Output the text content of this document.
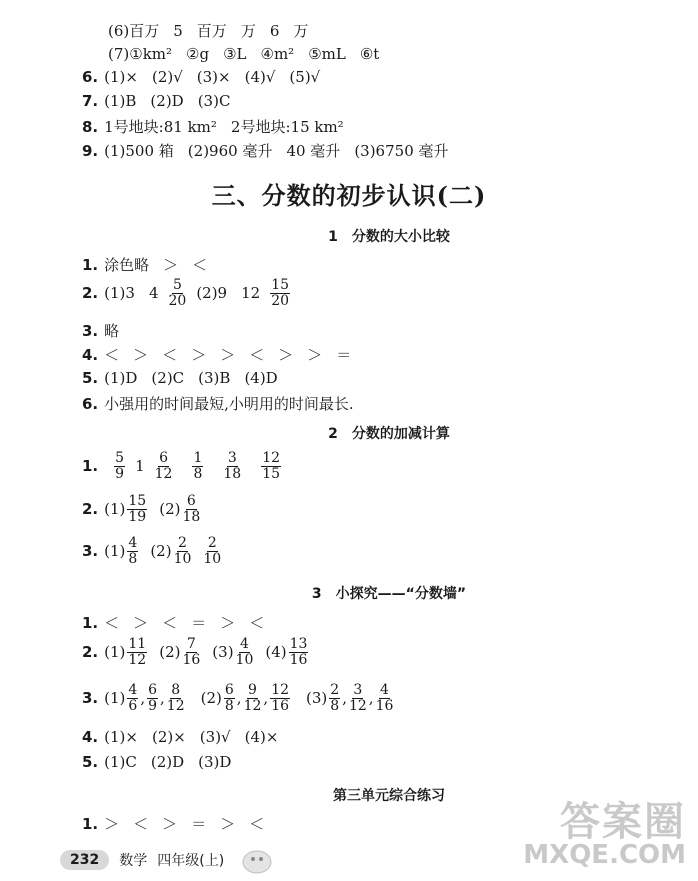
(6)百万 5 百万 万 6 万
(7)①km² ②g ③L ④m² ⑤mL ⑥t
6. (1)× (2)√ (3)× (4)√ (5)√
7. (1)B (2)D (3)C
8. 1号地块:81 km² 2号地块:15 km²
9. (1)500 箱 (2)960 毫升 40 毫升 (3)6750 毫升
三、分数的初步认识(二)
1 分数的大小比较
1. 涂色略 ＞ ＜
2. (1)3 $4 \frac{5}{20} (2)9$ $12 \frac{15}{20}$
3. 略
4. ＜ ＞ ＜ ＞ ＞ ＜ ＞ ＞ ＝
5. (1)D (2)C (3)B (4)D
6. 小强用的时间最短,小明用的时间最长.
2 分数的加减计算
1. $\frac{5}{9} 1 \frac{6}{12} \frac{1}{8} \frac{3}{18} \frac{12}{15}$
2. $(1) \frac{15}{19} (2) \frac{6}{18}$
3. $(1) \frac{4}{8} (2) \frac{2}{10} \frac{2}{10}$
3 小探究——“分数墙”
1. ＜ ＞ ＜ ＝ ＞ ＜
2. $(1) \frac{11}{12} (2) \frac{7}{16} (3) \frac{4}{10} (4) \frac{13}{16}$
3. $(1) \frac{4}{6}$ , $\frac{6}{9}$ , $\frac{8}{12} (2) \frac{6}{8}$ , $\frac{9}{12}$ , $\frac{12}{16} (3) \frac{2}{8}$ , $\frac{3}{12}$ , $\frac{4}{16}$
4. (1)× (2)× (3)√ (4)×
5. (1)C (2)D (3)D
第三单元综合练习
1. ＞ ＜ ＞ ＝ ＞ ＜
232	数学 四年级(上)
答案圈
MXQE.COM
